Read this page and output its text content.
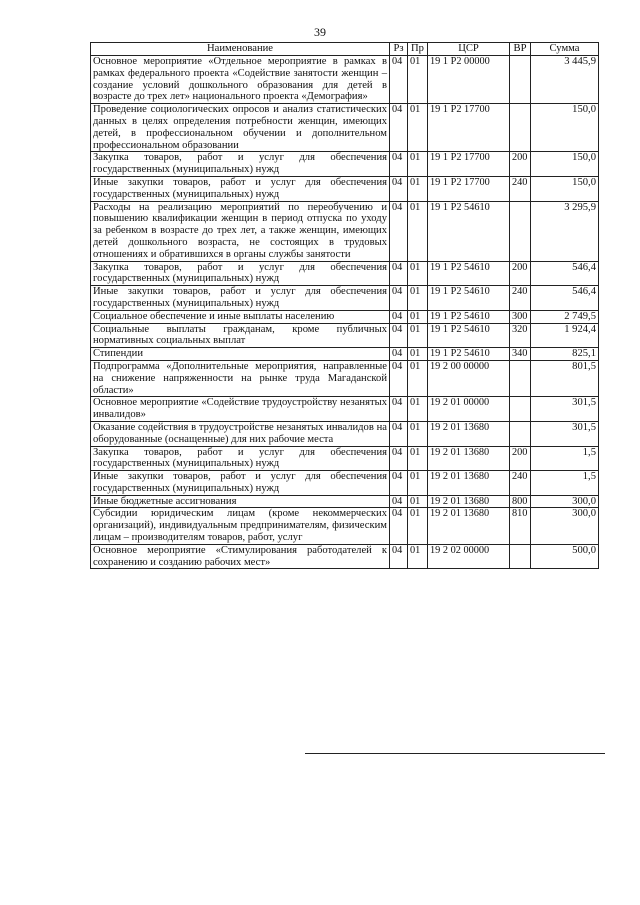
39
Наименование	Рз	Пр	ЦСР	ВР	Сумма
Основное мероприятие «Отдельное мероприятие в рамках в рамках федерального проекта «Содействие занятости женщин – создание условий дошкольного образования для детей в возрасте до трех лет» национального проекта «Демография»	04	01	19 1 Р2 00000		3 445,9
Проведение социологических опросов и анализ статистических данных в целях определения потребности женщин, имеющих детей, в профессиональном обучении и дополнительном профессиональном образовании	04	01	19 1 Р2 17700		150,0
Закупка товаров, работ и услуг для обеспечения государственных (муниципальных) нужд	04	01	19 1 Р2 17700	200	150,0
Иные закупки товаров, работ и услуг для обеспечения государственных (муниципальных) нужд	04	01	19 1 Р2 17700	240	150,0
Расходы на реализацию мероприятий по переобучению и повышению квалификации женщин в период отпуска по уходу за ребенком в возрасте до трех лет, а также женщин, имеющих детей дошкольного возраста, не состоящих в трудовых отношениях и обратившихся в органы службы занятости	04	01	19 1 Р2 54610		3 295,9
Закупка товаров, работ и услуг для обеспечения государственных (муниципальных) нужд	04	01	19 1 Р2 54610	200	546,4
Иные закупки товаров, работ и услуг для обеспечения государственных (муниципальных) нужд	04	01	19 1 Р2 54610	240	546,4
Социальное обеспечение и иные выплаты населению	04	01	19 1 Р2 54610	300	2 749,5
Социальные выплаты гражданам, кроме публичных нормативных социальных выплат	04	01	19 1 Р2 54610	320	1 924,4
Стипендии	04	01	19 1 Р2 54610	340	825,1
Подпрограмма «Дополнительные мероприятия, направленные на снижение напряженности на рынке труда Магаданской области»	04	01	19 2 00 00000		801,5
Основное мероприятие «Содействие трудоустройству незанятых инвалидов»	04	01	19 2 01 00000		301,5
Оказание содействия в трудоустройстве незанятых инвалидов на оборудованные (оснащенные) для них рабочие места	04	01	19 2 01 13680		301,5
Закупка товаров, работ и услуг для обеспечения государственных (муниципальных) нужд	04	01	19 2 01 13680	200	1,5
Иные закупки товаров, работ и услуг для обеспечения государственных (муниципальных) нужд	04	01	19 2 01 13680	240	1,5
Иные бюджетные ассигнования	04	01	19 2 01 13680	800	300,0
Субсидии юридическим лицам (кроме некоммерческих организаций), индивидуальным предпринимателям, физическим лицам – производителям товаров, работ, услуг	04	01	19 2 01 13680	810	300,0
Основное мероприятие «Стимулирования работодателей к сохранению и созданию рабочих мест»	04	01	19 2 02 00000		500,0
